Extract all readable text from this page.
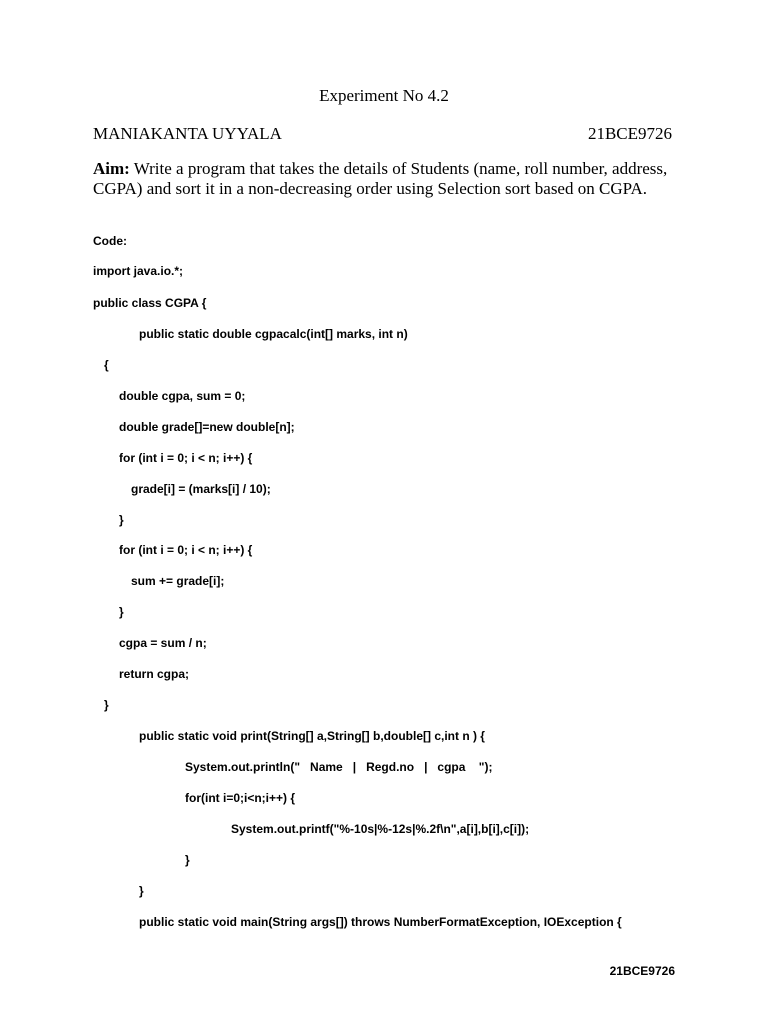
Experiment No 4.2
MANIAKANTA UYYALA	21BCE9726
Aim: Write a program that takes the details of Students (name, roll number, address, CGPA) and sort it in a non-decreasing order using Selection sort based on CGPA.
Code:
import java.io.*;
public class CGPA {
public static double cgpacalc(int[] marks, int n)
{
double cgpa, sum = 0;
double grade[]=new double[n];
for (int i = 0; i < n; i++) {
grade[i] = (marks[i] / 10);
}
for (int i = 0; i < n; i++) {
sum += grade[i];
}
cgpa = sum / n;
return cgpa;
}
public static void print(String[] a,String[] b,double[] c,int n ) {
System.out.println("   Name   |   Regd.no   |   cgpa    ");
for(int i=0;i<n;i++) {
System.out.printf("%-10s|%-12s|%.2f\n",a[i],b[i],c[i]);
}
}
public static void main(String args[]) throws NumberFormatException, IOException {
21BCE9726
